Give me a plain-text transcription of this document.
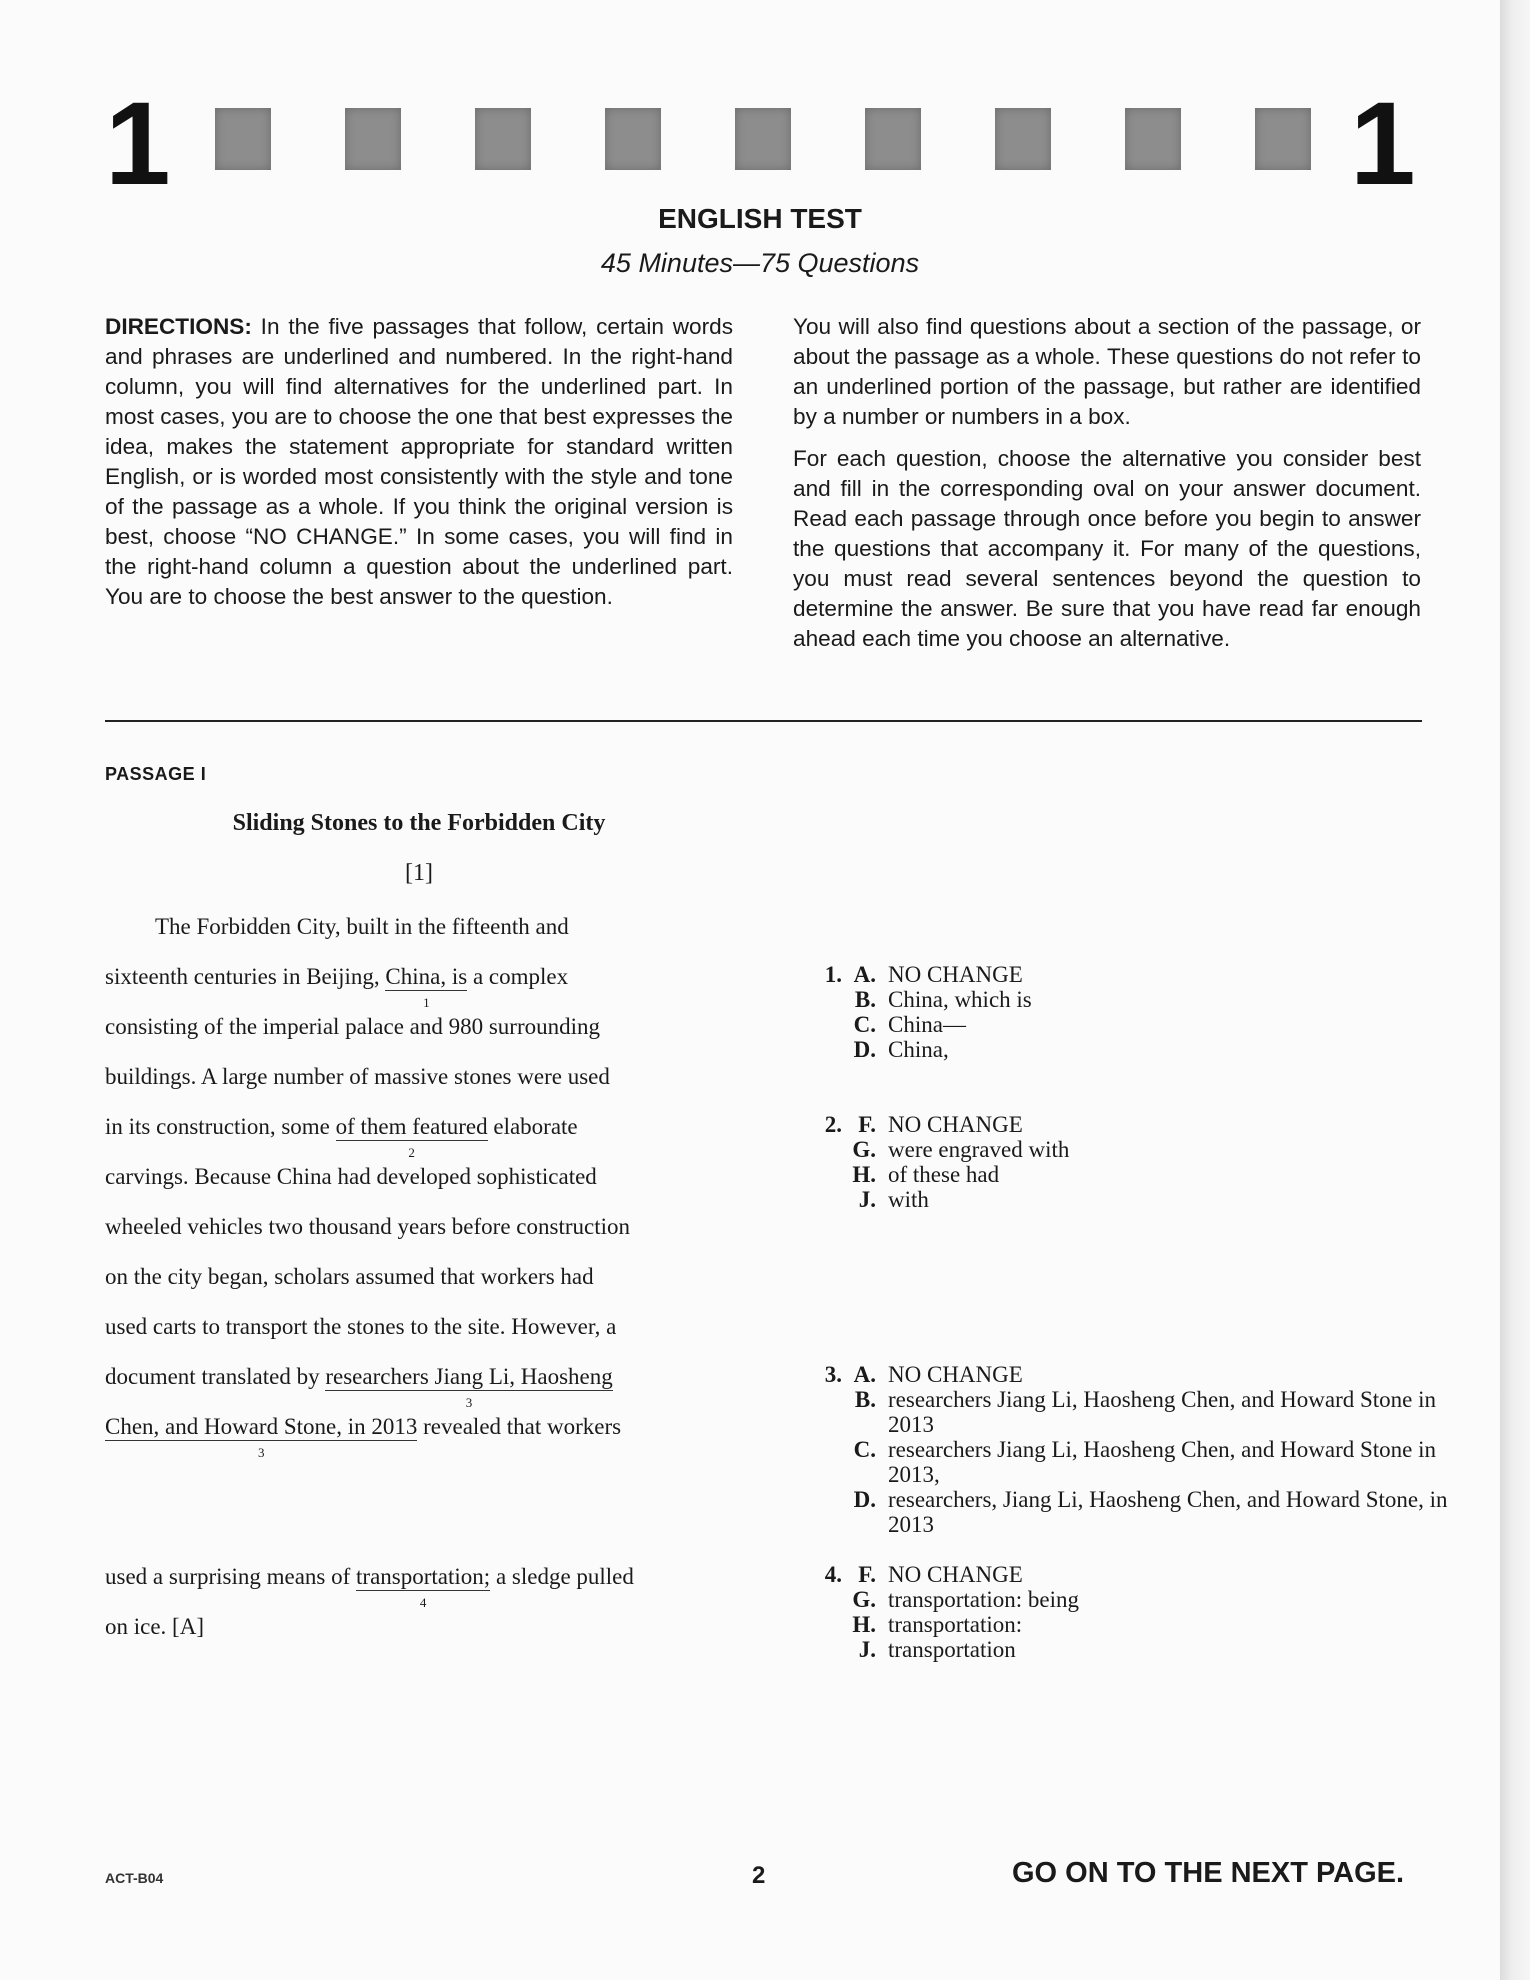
1	1
ENGLISH TEST
45 Minutes—75 Questions

DIRECTIONS: In the five passages that follow, certain words and phrases are underlined and numbered. In the right-hand column, you will find alternatives for the underlined part. In most cases, you are to choose the one that best expresses the idea, makes the statement appropriate for standard written English, or is worded most consistently with the style and tone of the passage as a whole. If you think the original version is best, choose “NO CHANGE.” In some cases, you will find in the right-hand column a question about the underlined part. You are to choose the best answer to the question.

You will also find questions about a section of the passage, or about the passage as a whole. These questions do not refer to an underlined portion of the passage, but rather are identified by a number or numbers in a box.

For each question, choose the alternative you consider best and fill in the corresponding oval on your answer document. Read each passage through once before you begin to answer the questions that accompany it. For many of the questions, you must read several sentences beyond the question to determine the answer. Be sure that you have read far enough ahead each time you choose an alternative.

PASSAGE I
Sliding Stones to the Forbidden City
[1]
The Forbidden City, built in the fifteenth and
sixteenth centuries in Beijing, China, is
1
a complex
consisting of the imperial palace and 980 surrounding
buildings. A large number of massive stones were used
in its construction, some of them featured
2
elaborate
carvings. Because China had developed sophisticated
wheeled vehicles two thousand years before construction
on the city began, scholars assumed that workers had
used carts to transport the stones to the site. However, a
document translated by researchers Jiang Li, Haosheng
3
Chen, and Howard Stone, in 2013
3
revealed that workers
used a surprising means of transportation;
4
a sledge pulled
on ice. [A]
1. A. NO CHANGE
B. China, which is
C. China—
D. China,
2. F. NO CHANGE
G. were engraved with
H. of these had
J. with
3. A. NO CHANGE
B. researchers Jiang Li, Haosheng Chen, and Howard Stone in 2013
C. researchers Jiang Li, Haosheng Chen, and Howard Stone in 2013,
D. researchers, Jiang Li, Haosheng Chen, and Howard Stone, in 2013
4. F. NO CHANGE
G. transportation: being
H. transportation:
J. transportation
ACT-B04	2	GO ON TO THE NEXT PAGE.
